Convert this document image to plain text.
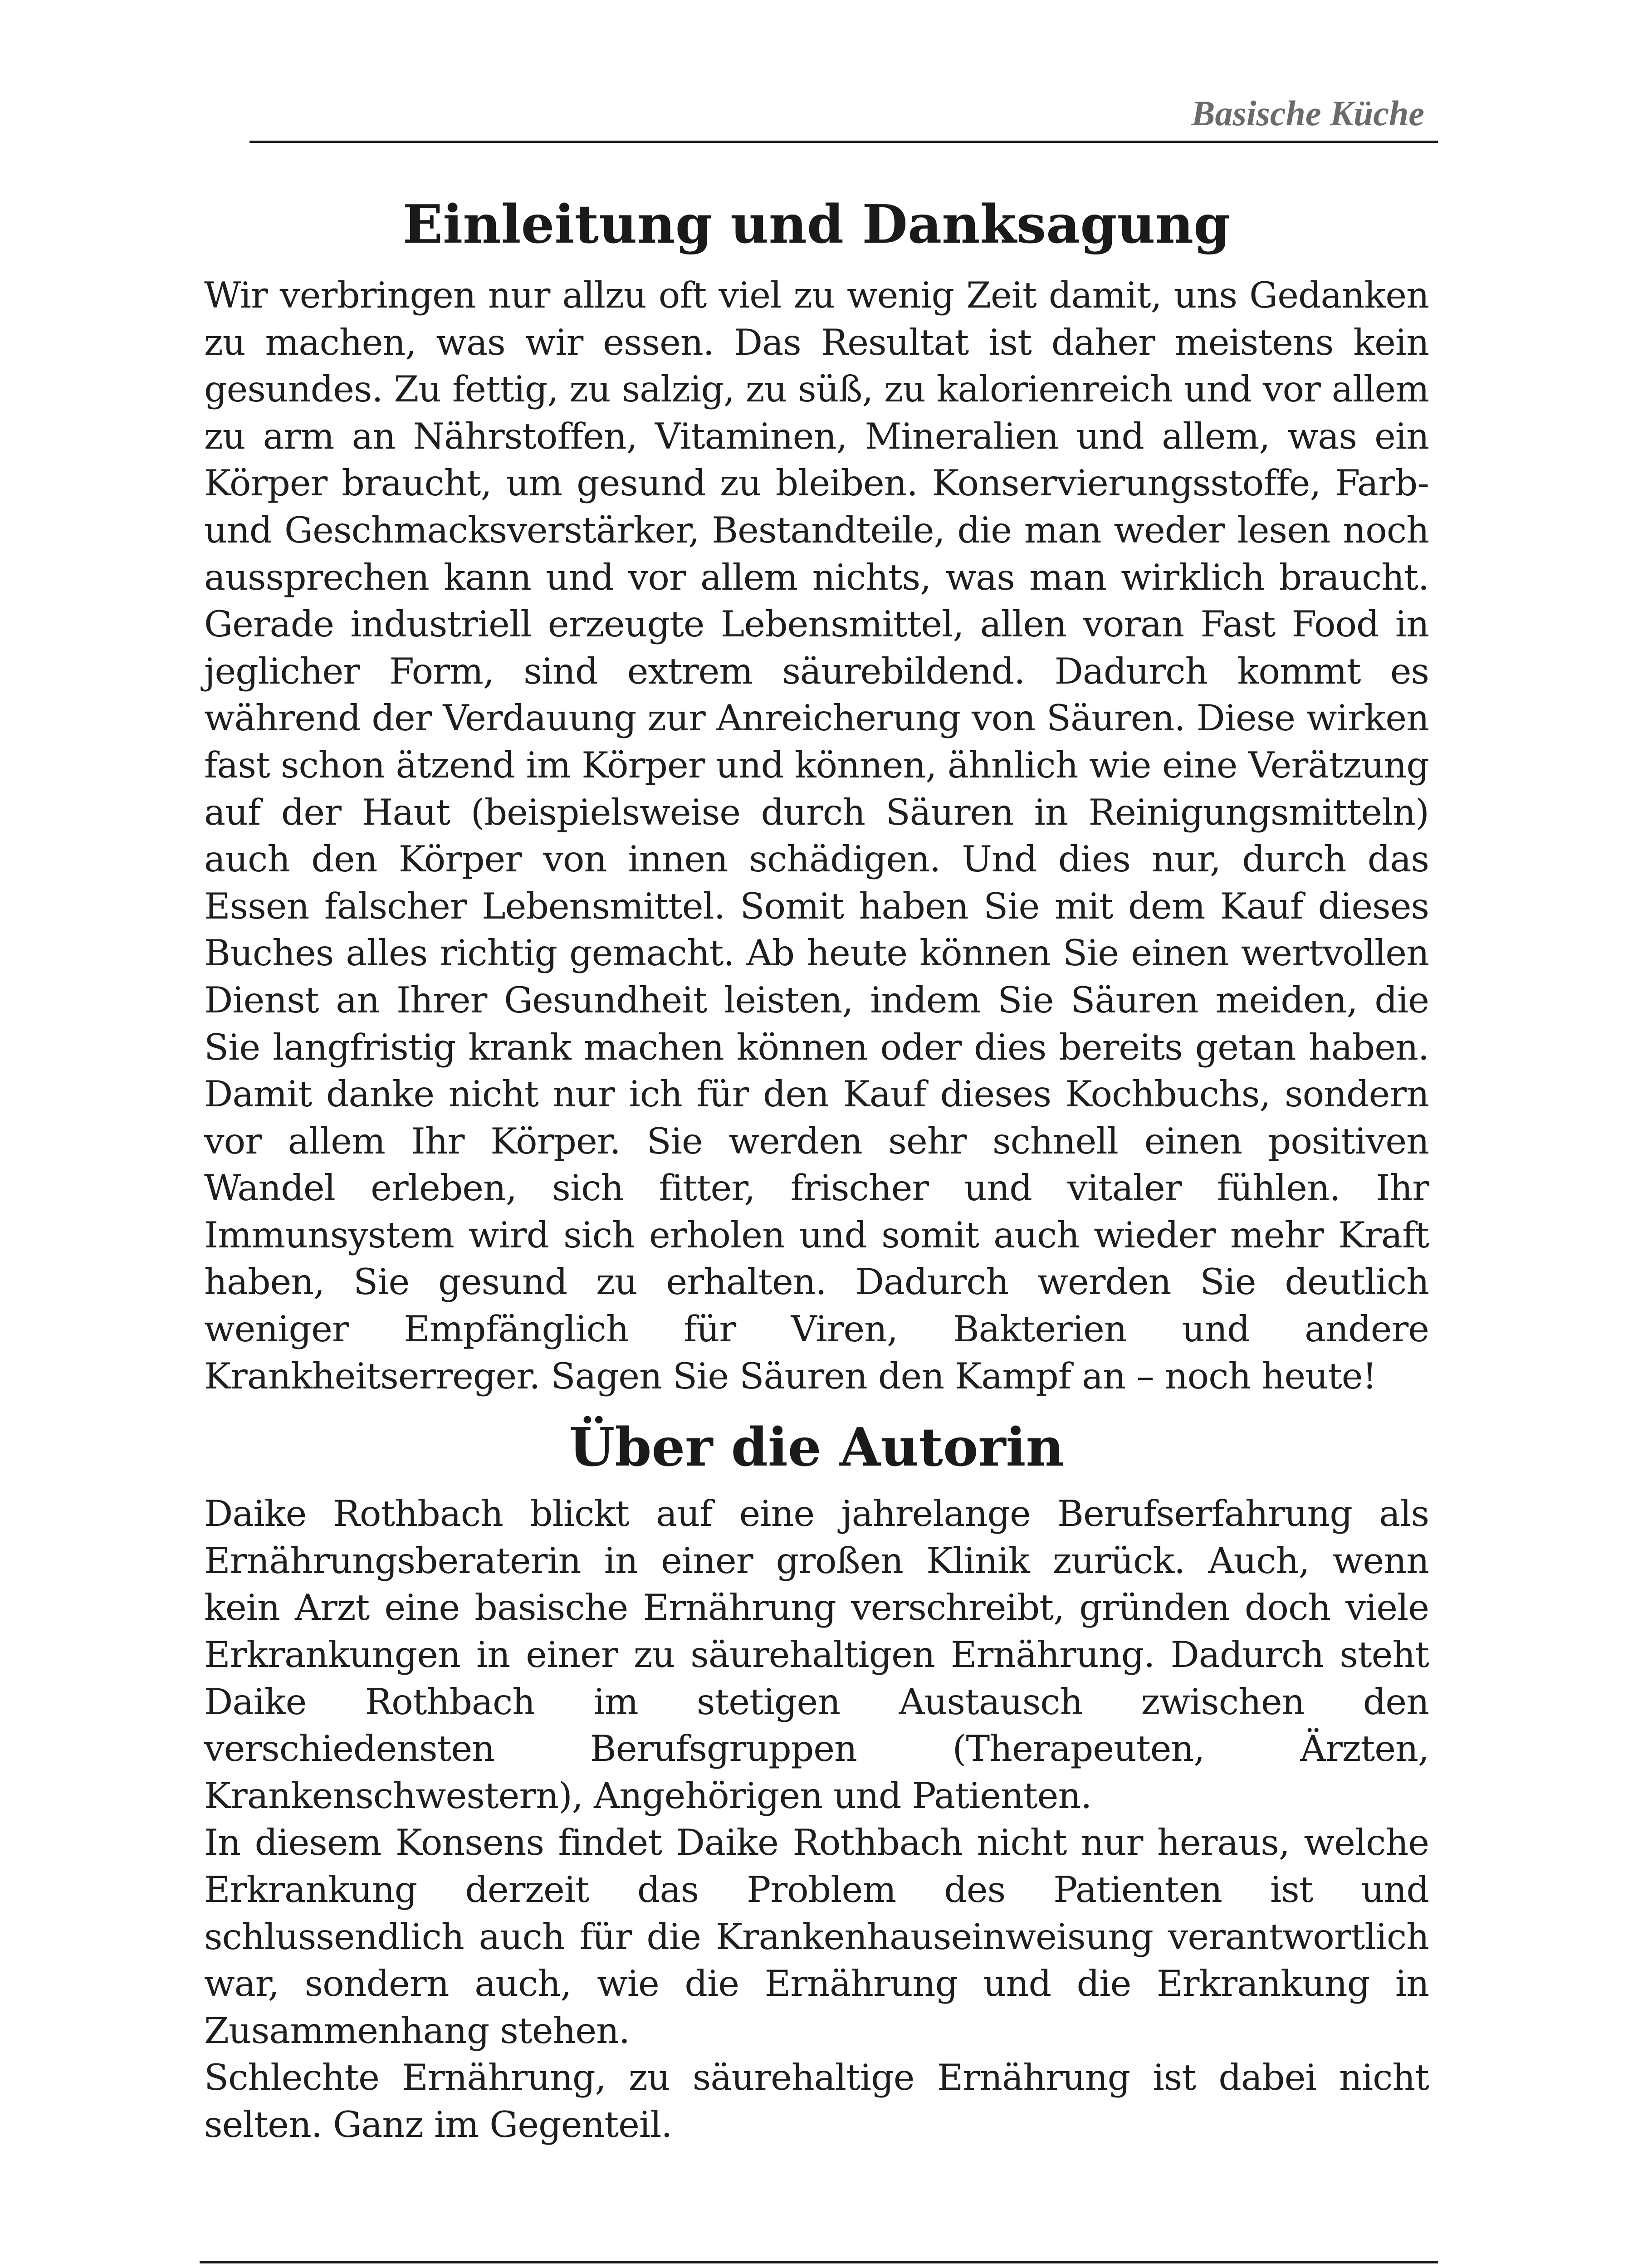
Basische Küche
Einleitung und Danksagung

Wir verbringen nur allzu oft viel zu wenig Zeit damit, uns Gedanken zu machen, was wir essen. Das Resultat ist daher meistens kein gesundes. Zu fettig, zu salzig, zu süß, zu kalorienreich und vor allem zu arm an Nährstoffen, Vitaminen, Mineralien und allem, was ein Körper braucht, um gesund zu bleiben. Konservierungsstoffe, Farb- und Geschmacksverstärker, Bestandteile, die man weder lesen noch aussprechen kann und vor allem nichts, was man wirklich braucht. Gerade industriell erzeugte Lebensmittel, allen voran Fast Food in jeglicher Form, sind extrem säurebildend. Dadurch kommt es während der Verdauung zur Anreicherung von Säuren. Diese wirken fast schon ätzend im Körper und können, ähnlich wie eine Verätzung auf der Haut (beispielsweise durch Säuren in Reinigungsmitteln) auch den Körper von innen schädigen. Und dies nur, durch das Essen falscher Lebensmittel. Somit haben Sie mit dem Kauf dieses Buches alles richtig gemacht. Ab heute können Sie einen wertvollen Dienst an Ihrer Gesundheit leisten, indem Sie Säuren meiden, die Sie langfristig krank machen können oder dies bereits getan haben. Damit danke nicht nur ich für den Kauf dieses Kochbuchs, sondern vor allem Ihr Körper. Sie werden sehr schnell einen positiven Wandel erleben, sich fitter, frischer und vitaler fühlen. Ihr Immunsystem wird sich erholen und somit auch wieder mehr Kraft haben, Sie gesund zu erhalten. Dadurch werden Sie deutlich weniger Empfänglich für Viren, Bakterien und andere Krankheitserreger. Sagen Sie Säuren den Kampf an – noch heute!

Über die Autorin

Daike Rothbach blickt auf eine jahrelange Berufserfahrung als Ernährungsberaterin in einer großen Klinik zurück. Auch, wenn kein Arzt eine basische Ernährung verschreibt, gründen doch viele Erkrankungen in einer zu säurehaltigen Ernährung. Dadurch steht Daike Rothbach im stetigen Austausch zwischen den verschiedensten Berufsgruppen (Therapeuten, Ärzten, Krankenschwestern), Angehörigen und Patienten.

In diesem Konsens findet Daike Rothbach nicht nur heraus, welche Erkrankung derzeit das Problem des Patienten ist und schlussendlich auch für die Krankenhauseinweisung verantwortlich war, sondern auch, wie die Ernährung und die Erkrankung in Zusammenhang stehen.

Schlechte Ernährung, zu säurehaltige Ernährung ist dabei nicht selten. Ganz im Gegenteil.
